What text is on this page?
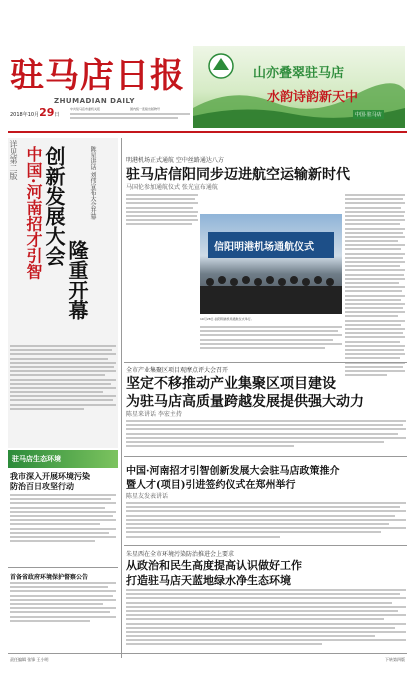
驻马店日报
ZHUMADIAN DAILY
2018年10月29日
中共驻马店市委机关报	国内统一连续出版物号
山亦叠翠驻马店
水韵诗韵新天中
中国·驻马店
详见第二版 中国·河南招才引智 创新发展大会
隆重开幕
陈星讲话 刘伟宣布大会开幕
驻马店生态环境
我市深入开展环境污染
防治百日攻坚行动
首备省政府环境保护督察公告
明港机场正式通航 空中丝路通达八方
驻马店信阳同步迈进航空运输新时代
马国伦参加通航仪式 张光宣布通航
信阳明港机场通航仪式
10月28日,信阳明港机场通航仪式举行。
全市产业集聚区项目观摩点评大会召开
坚定不移推动产业集聚区项目建设
为驻马店高质量跨越发展提供强大动力
陈星来讲话 李宏主持
中国·河南招才引智创新发展大会驻马店政策推介
暨人才(项目)引进签约仪式在郑州举行
陈星友发表讲话
朱星西在全市环境污染防治推进会上要求
从政治和民生高度提高认识做好工作
打造驻马店天蓝地绿水净生态环境
责任编辑 张锋 王小明	下转第四版
